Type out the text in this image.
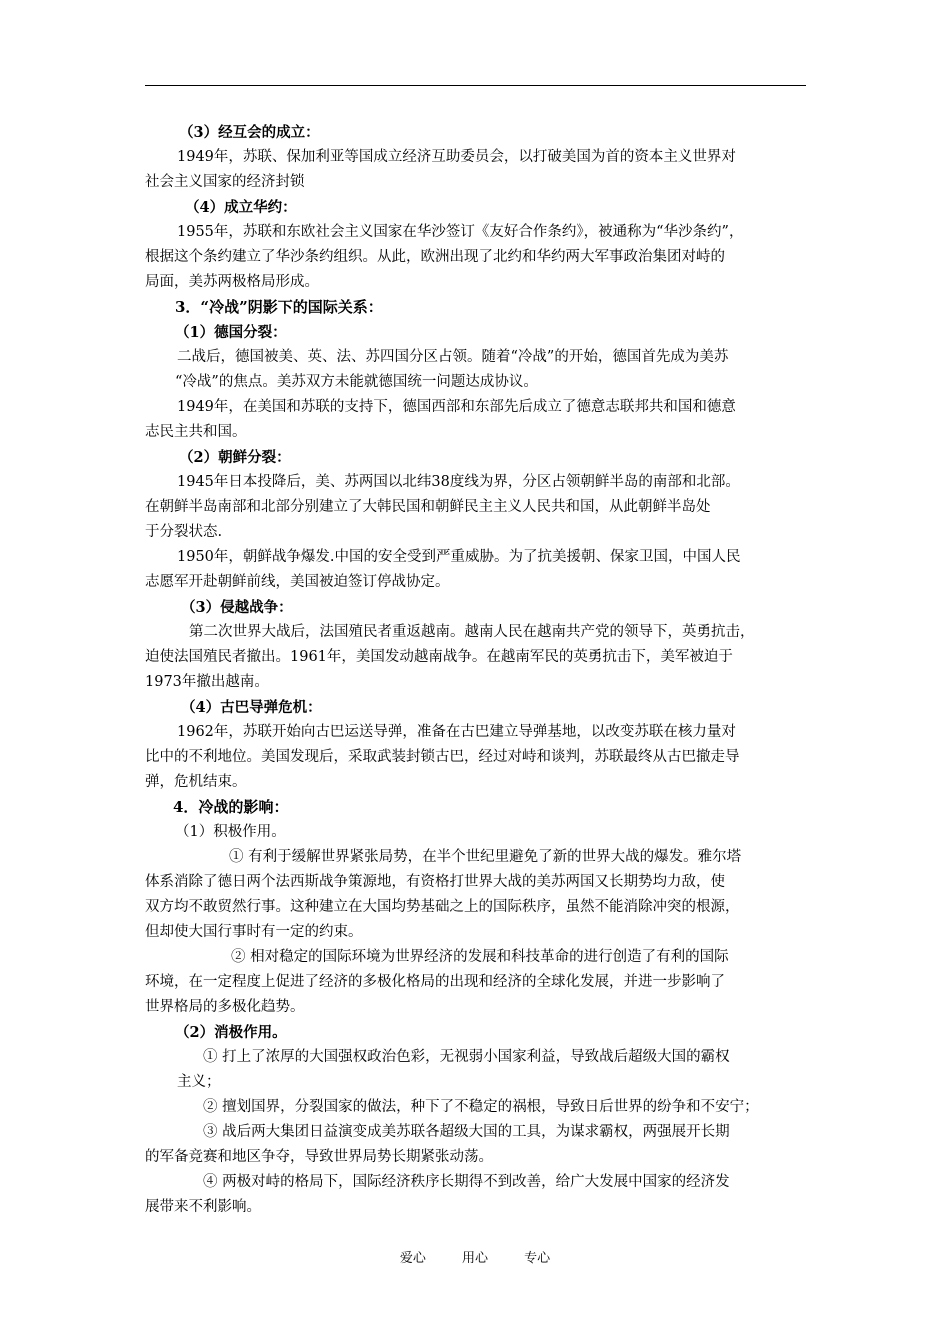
（3）经互会的成立：
1949年，苏联、保加利亚等国成立经济互助委员会，以打破美国为首的资本主义世界对
社会主义国家的经济封锁
（4）成立华约：
1955年，苏联和东欧社会主义国家在华沙签订《友好合作条约》，被通称为“华沙条约”，
根据这个条约建立了华沙条约组织。从此，欧洲出现了北约和华约两大军事政治集团对峙的
局面，美苏两极格局形成。
3．“冷战”阴影下的国际关系：
（1）德国分裂：
二战后，德国被美、英、法、苏四国分区占领。随着“冷战”的开始，德国首先成为美苏
“冷战”的焦点。美苏双方未能就德国统一问题达成协议。
1949年，在美国和苏联的支持下，德国西部和东部先后成立了德意志联邦共和国和德意
志民主共和国。
（2）朝鲜分裂：
1945年日本投降后，美、苏两国以北纬38度线为界，分区占领朝鲜半岛的南部和北部。
在朝鲜半岛南部和北部分别建立了大韩民国和朝鲜民主主义人民共和国，从此朝鲜半岛处
于分裂状态.
1950年，朝鲜战争爆发.中国的安全受到严重威胁。为了抗美援朝、保家卫国，中国人民
志愿军开赴朝鲜前线，美国被迫签订停战协定。
（3）侵越战争：
第二次世界大战后，法国殖民者重返越南。越南人民在越南共产党的领导下，英勇抗击，
迫使法国殖民者撤出。1961年，美国发动越南战争。在越南军民的英勇抗击下，美军被迫于
1973年撤出越南。
（4）古巴导弹危机：
1962年，苏联开始向古巴运送导弹，准备在古巴建立导弹基地，以改变苏联在核力量对
比中的不利地位。美国发现后，采取武装封锁古巴，经过对峙和谈判，苏联最终从古巴撤走导
弹，危机结束。
4．冷战的影响：
（1）积极作用。
① 有利于缓解世界紧张局势，在半个世纪里避免了新的世界大战的爆发。雅尔塔
体系消除了德日两个法西斯战争策源地，有资格打世界大战的美苏两国又长期势均力敌，使
双方均不敢贸然行事。这种建立在大国均势基础之上的国际秩序，虽然不能消除冲突的根源，
但却使大国行事时有一定的约束。
② 相对稳定的国际环境为世界经济的发展和科技革命的进行创造了有利的国际
环境，在一定程度上促进了经济的多极化格局的出现和经济的全球化发展，并进一步影响了
世界格局的多极化趋势。
（2）消极作用。
① 打上了浓厚的大国强权政治色彩，无视弱小国家利益，导致战后超级大国的霸权
主义；
② 擅划国界，分裂国家的做法，种下了不稳定的祸根，导致日后世界的纷争和不安宁；
③ 战后两大集团日益演变成美苏联各超级大国的工具，为谋求霸权，两强展开长期
的军备竞赛和地区争夺，导致世界局势长期紧张动荡。
④ 两极对峙的格局下，国际经济秩序长期得不到改善，给广大发展中国家的经济发
展带来不利影响。
爱心	用心	专心
